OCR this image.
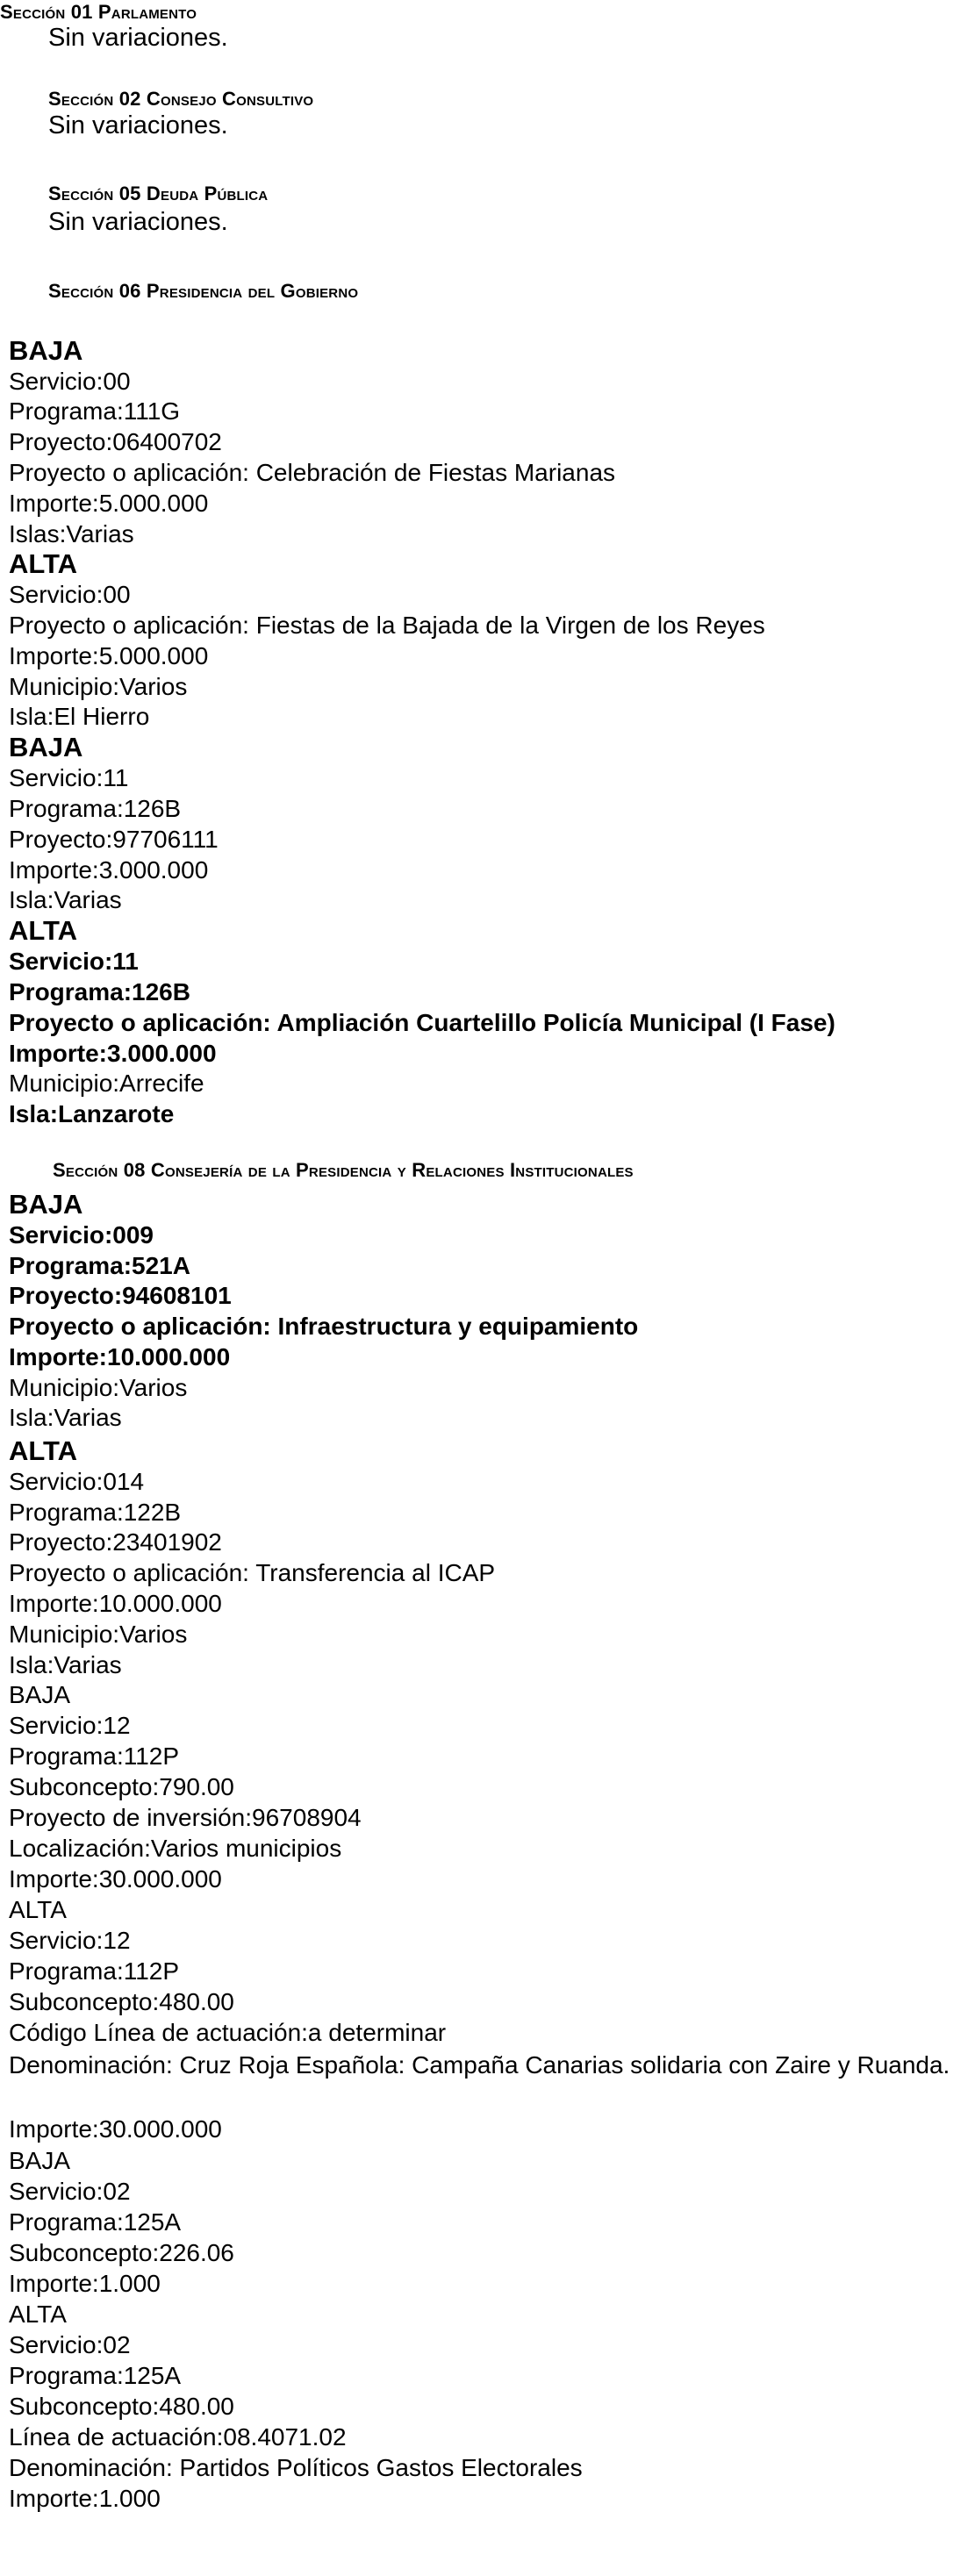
Sección 01 Parlamento
Sin variaciones.
Sección 02 Consejo Consultivo
Sin variaciones.
Sección 05 Deuda Pública
Sin variaciones.
Sección 06 Presidencia del Gobierno
BAJA
Servicio:00
Programa:111G
Proyecto:06400702
Proyecto o aplicación: Celebración de Fiestas Marianas
Importe:5.000.000
Islas:Varias
ALTA
Servicio:00
Proyecto o aplicación: Fiestas de la Bajada de la Virgen de los Reyes
Importe:5.000.000
Municipio:Varios
Isla:El Hierro
BAJA
Servicio:11
Programa:126B
Proyecto:97706111
Importe:3.000.000
Isla:Varias
ALTA
Servicio:11
Programa:126B
Proyecto o aplicación: Ampliación Cuartelillo Policía Municipal (I Fase)
Importe:3.000.000
Municipio:Arrecife
Isla:Lanzarote
Sección 08 Consejería de la Presidencia y Relaciones Institucionales
BAJA
Servicio:009
Programa:521A
Proyecto:94608101
Proyecto o aplicación: Infraestructura y equipamiento
Importe:10.000.000
Municipio:Varios
Isla:Varias
ALTA
Servicio:014
Programa:122B
Proyecto:23401902
Proyecto o aplicación: Transferencia al ICAP
Importe:10.000.000
Municipio:Varios
Isla:Varias
BAJA
Servicio:12
Programa:112P
Subconcepto:790.00
Proyecto de inversión:96708904
Localización:Varios municipios
Importe:30.000.000
ALTA
Servicio:12
Programa:112P
Subconcepto:480.00
Código Línea de actuación:a determinar
Denominación: Cruz Roja Española: Campaña Canarias solidaria con Zaire y Ruanda.
Importe:30.000.000
BAJA
Servicio:02
Programa:125A
Subconcepto:226.06
Importe:1.000
ALTA
Servicio:02
Programa:125A
Subconcepto:480.00
Línea de actuación:08.4071.02
Denominación: Partidos Políticos Gastos Electorales
Importe:1.000
